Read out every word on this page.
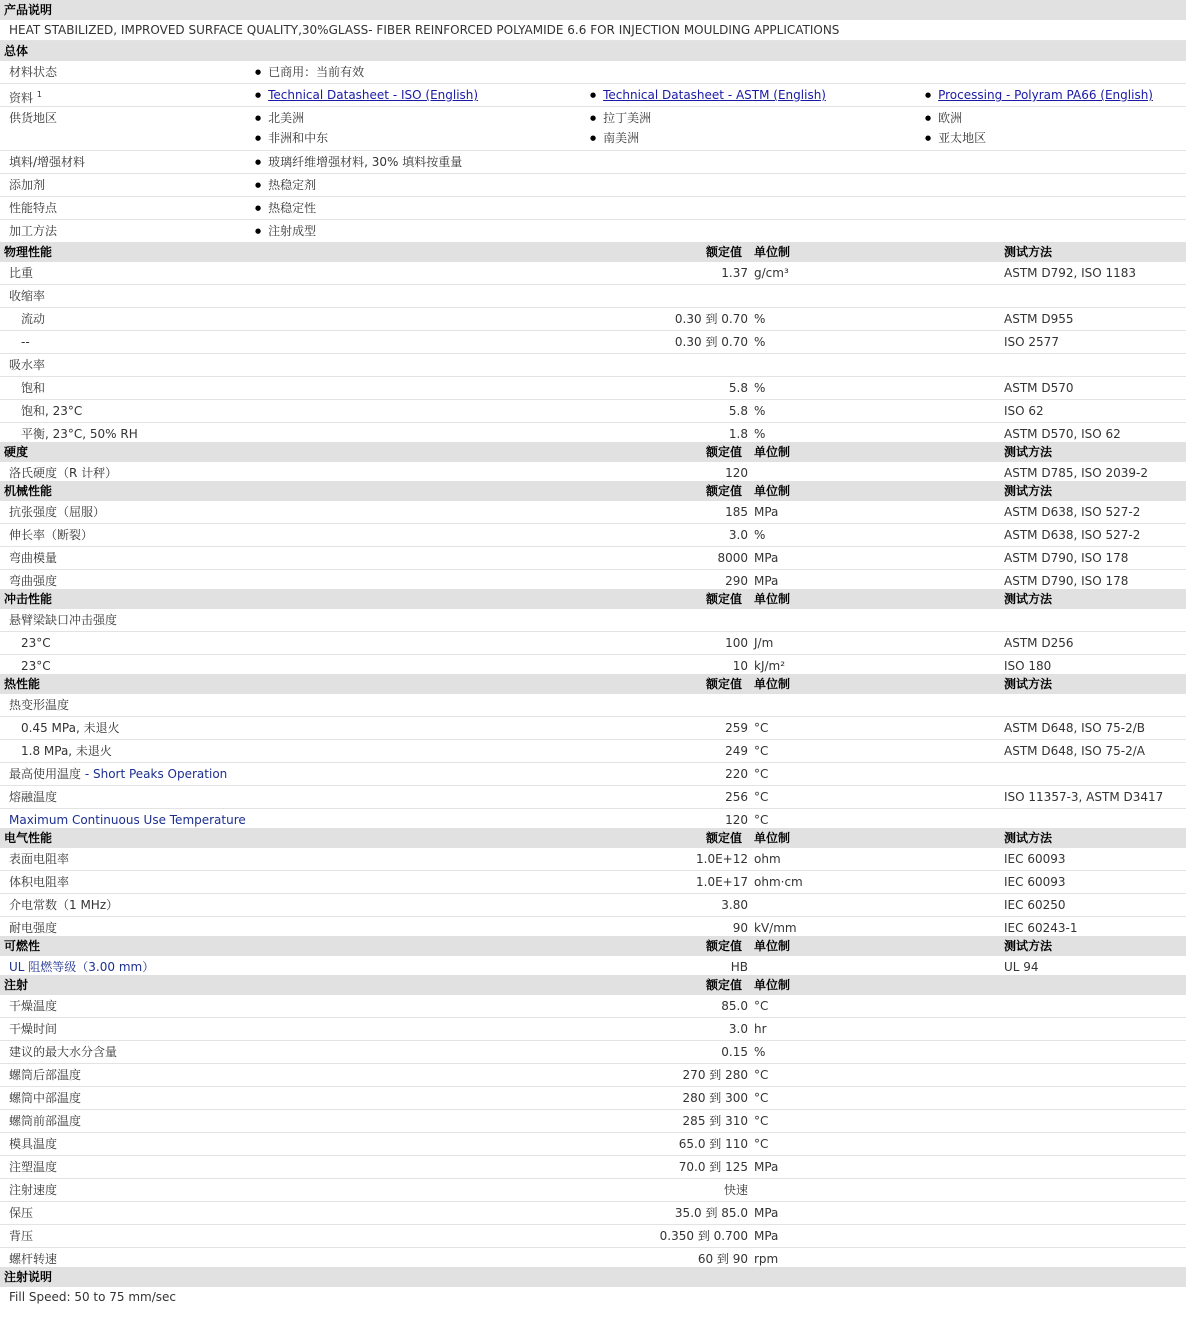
产品说明
HEAT STABILIZED, IMPROVED SURFACE QUALITY,30%GLASS- FIBER REINFORCED POLYAMIDE 6.6 FOR INJECTION MOULDING APPLICATIONS
总体
材料状态	● 已商用：当前有效
资料 $^1$	● Technical Datasheet - ISO (English)	● Technical Datasheet - ASTM (English)	● Processing - Polyram PA66 (English)
供货地区	● 北美洲	● 拉丁美洲	● 欧洲
● 非洲和中东	● 南美洲	● 亚太地区
填料/增强材料	● 玻璃纤维增强材料, 30% 填料按重量
添加剂	● 热稳定剂
性能特点	● 热稳定性
加工方法	● 注射成型
物理性能	额定值 单位制	测试方法
比重	1.37 g/cm³	ASTM D792, ISO 1183
收缩率
流动	0.30 到 0.70 %	ASTM D955
--	0.30 到 0.70 %	ISO 2577
吸水率
饱和	5.8 %	ASTM D570
饱和, 23°C	5.8 %	ISO 62
平衡, 23°C, 50% RH	1.8 %	ASTM D570, ISO 62
硬度	额定值 单位制	测试方法
洛氏硬度（R 计秤）	120	ASTM D785, ISO 2039-2
机械性能	额定值 单位制	测试方法
抗张强度（屈服）	185 MPa	ASTM D638, ISO 527-2
伸长率（断裂）	3.0 %	ASTM D638, ISO 527-2
弯曲模量	8000 MPa	ASTM D790, ISO 178
弯曲强度	290 MPa	ASTM D790, ISO 178
冲击性能	额定值 单位制	测试方法
悬臂梁缺口冲击强度
23°C	100 J/m	ASTM D256
23°C	10 kJ/m²	ISO 180
热性能	额定值 单位制	测试方法
热变形温度
0.45 MPa, 未退火	259 °C	ASTM D648, ISO 75-2/B
1.8 MPa, 未退火	249 °C	ASTM D648, ISO 75-2/A
最高使用温度 - Short Peaks Operation	220 °C
熔融温度	256 °C	ISO 11357-3, ASTM D3417
Maximum Continuous Use Temperature	120 °C
电气性能	额定值 单位制	测试方法
表面电阻率	1.0E+12 ohm	IEC 60093
体积电阻率	1.0E+17 ohm·cm	IEC 60093
介电常数（1 MHz）	3.80	IEC 60250
耐电强度	90 kV/mm	IEC 60243-1
可燃性	额定值 单位制	测试方法
UL 阻燃等级（3.00 mm）	HB	UL 94
注射	额定值 单位制
干燥温度	85.0 °C
干燥时间	3.0 hr
建议的最大水分含量	0.15 %
螺筒后部温度	270 到 280 °C
螺筒中部温度	280 到 300 °C
螺筒前部温度	285 到 310 °C
模具温度	65.0 到 110 °C
注塑温度	70.0 到 125 MPa
注射速度	快速
保压	35.0 到 85.0 MPa
背压	0.350 到 0.700 MPa
螺杆转速	60 到 90 rpm
注射说明
Fill Speed: 50 to 75 mm/sec
